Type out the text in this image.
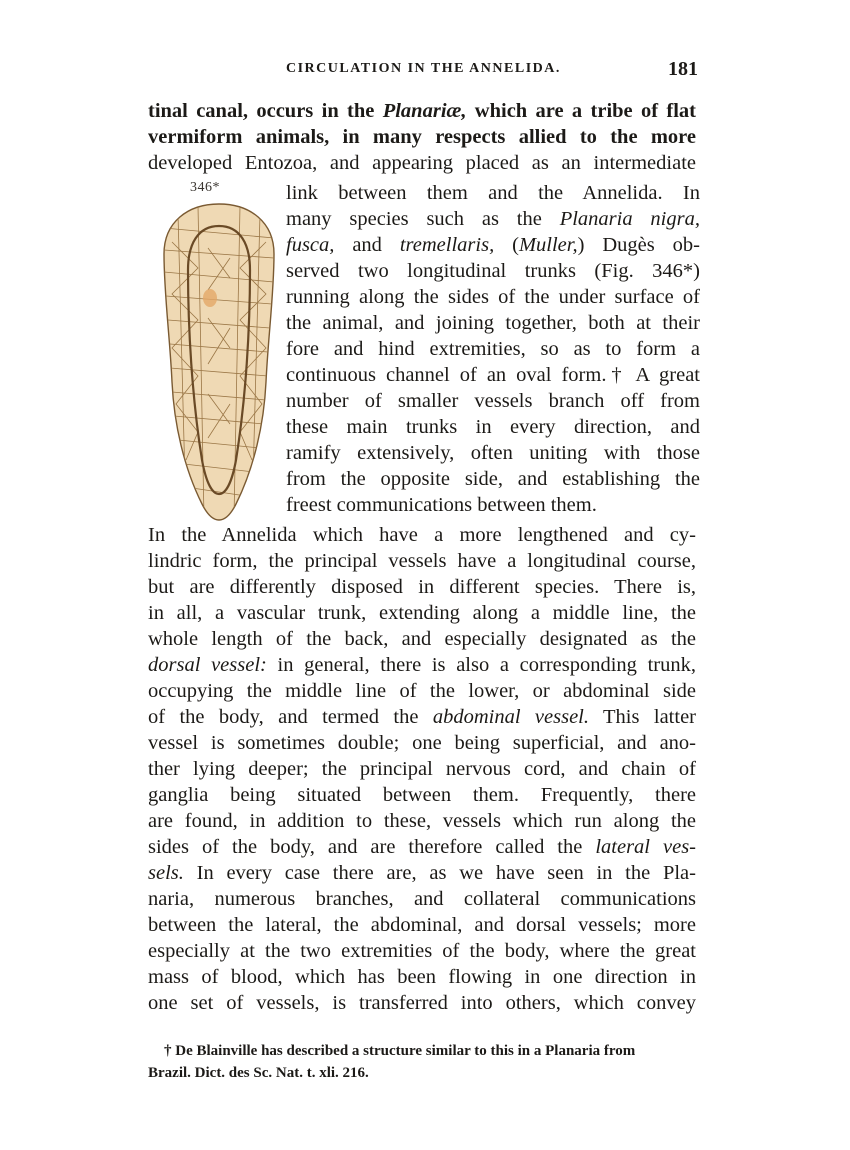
CIRCULATION IN THE ANNELIDA.	181
tinal canal, occurs in the Planariæ, which are a tribe of flat
vermiform animals, in many respects allied to the more
developed Entozoa, and appearing placed as an intermediate
346*	link between them and the Annelida. In
many species such as the Planaria nigra,
fusca, and tremellaris, (Muller,) Dugès ob-
served two longitudinal trunks (Fig. 346*)
running along the sides of the under surface of
the animal, and joining together, both at their
fore and hind extremities, so as to form a
continuous channel of an oval form.† A great
number of smaller vessels branch off from
these main trunks in every direction, and
ramify extensively, often uniting with those
from the opposite side, and establishing the
freest communications between them.
In the Annelida which have a more lengthened and cy-
lindric form, the principal vessels have a longitudinal course,
but are differently disposed in different species. There is,
in all, a vascular trunk, extending along a middle line, the
whole length of the back, and especially designated as the
dorsal vessel: in general, there is also a corresponding trunk,
occupying the middle line of the lower, or abdominal side
of the body, and termed the abdominal vessel. This latter
vessel is sometimes double; one being superficial, and ano-
ther lying deeper; the principal nervous cord, and chain of
ganglia being situated between them. Frequently, there
are found, in addition to these, vessels which run along the
sides of the body, and are therefore called the lateral ves-
sels. In every case there are, as we have seen in the Pla-
naria, numerous branches, and collateral communications
between the lateral, the abdominal, and dorsal vessels; more
especially at the two extremities of the body, where the great
mass of blood, which has been flowing in one direction in
one set of vessels, is transferred into others, which convey
† De Blainville has described a structure similar to this in a Planaria from
Brazil. Dict. des Sc. Nat. t. xli. 216.
